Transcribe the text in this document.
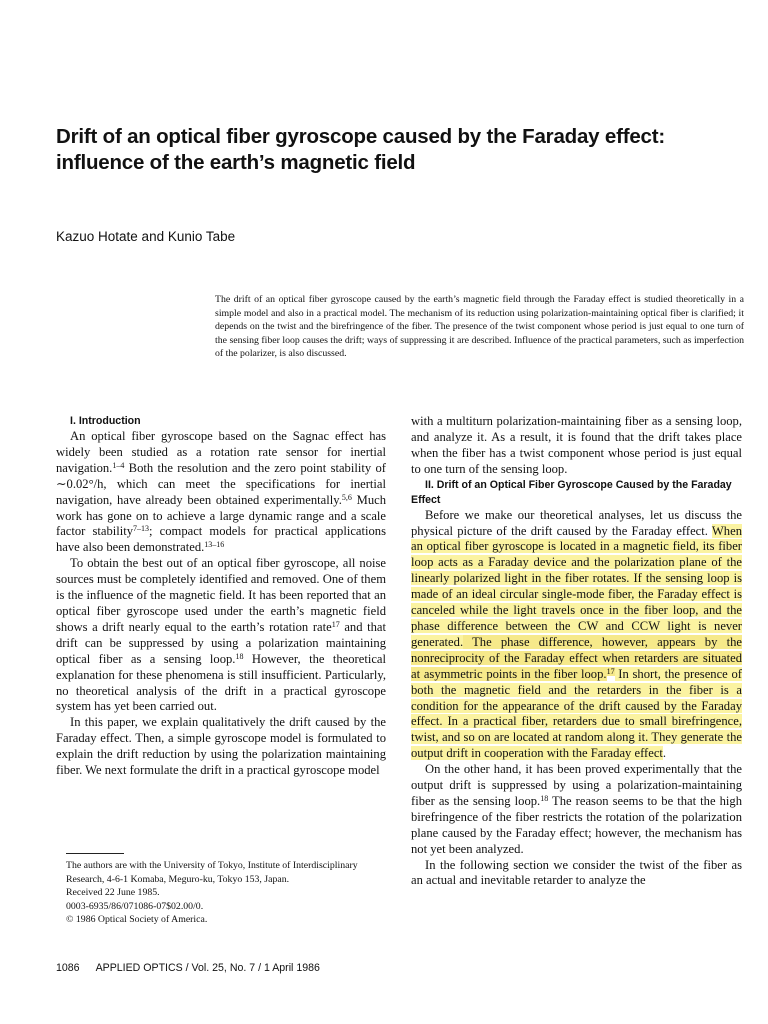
Drift of an optical fiber gyroscope caused by the Faraday effect: influence of the earth’s magnetic field

Kazuo Hotate and Kunio Tabe

The drift of an optical fiber gyroscope caused by the earth’s magnetic field through the Faraday effect is studied theoretically in a simple model and also in a practical model. The mechanism of its reduction using polarization-maintaining optical fiber is clarified; it depends on the twist and the birefringence of the fiber. The presence of the twist component whose period is just equal to one turn of the sensing fiber loop causes the drift; ways of suppressing it are described. Influence of the practical parameters, such as imperfection of the polarizer, is also discussed.

I. Introduction

An optical fiber gyroscope based on the Sagnac effect has widely been studied as a rotation rate sensor for inertial navigation.$^{1-4}$ Both the resolution and the zero point stability of ∼0.02°/h, which can meet the specifications for inertial navigation, have already been obtained experimentally.$^{5,6}$ Much work has gone on to achieve a large dynamic range and a scale factor stability$^{7-13}$; compact models for practical applications have also been demonstrated.$^{13-16}$

To obtain the best out of an optical fiber gyroscope, all noise sources must be completely identified and removed. One of them is the influence of the magnetic field. It has been reported that an optical fiber gyroscope used under the earth’s magnetic field shows a drift nearly equal to the earth’s rotation rate$^{17}$ and that drift can be suppressed by using a polarization maintaining optical fiber as a sensing loop.$^{18}$ However, the theoretical explanation for these phenomena is still insufficient. Particularly, no theoretical analysis of the drift in a practical gyroscope system has yet been carried out.

In this paper, we explain qualitatively the drift caused by the Faraday effect. Then, a simple gyroscope model is formulated to explain the drift reduction by using the polarization maintaining fiber. We next formulate the drift in a practical gyroscope model

with a multiturn polarization-maintaining fiber as a sensing loop, and analyze it. As a result, it is found that the drift takes place when the fiber has a twist component whose period is just equal to one turn of the sensing loop.

II. Drift of an Optical Fiber Gyroscope Caused by the Faraday Effect

Before we make our theoretical analyses, let us discuss the physical picture of the drift caused by the Faraday effect. When an optical fiber gyroscope is located in a magnetic field, its fiber loop acts as a Faraday device and the polarization plane of the linearly polarized light in the fiber rotates. If the sensing loop is made of an ideal circular single-mode fiber, the Faraday effect is canceled while the light travels once in the fiber loop, and the phase difference between the CW and CCW light is never generated. The phase difference, however, appears by the nonreciprocity of the Faraday effect when retarders are situated at asymmetric points in the fiber loop.$^{17}$ In short, the presence of both the magnetic field and the retarders in the fiber is a condition for the appearance of the drift caused by the Faraday effect. In a practical fiber, retarders due to small birefringence, twist, and so on are located at random along it. They generate the output drift in cooperation with the Faraday effect.

On the other hand, it has been proved experimentally that the output drift is suppressed by using a polarization-maintaining fiber as the sensing loop.$^{18}$ The reason seems to be that the high birefringence of the fiber restricts the rotation of the polarization plane caused by the Faraday effect; however, the mechanism has not yet been analyzed.

In the following section we consider the twist of the fiber as an actual and inevitable retarder to analyze the

The authors are with the University of Tokyo, Institute of Interdisciplinary Research, 4-6-1 Komaba, Meguro-ku, Tokyo 153, Japan.
Received 22 June 1985.
0003-6935/86/071086-07$02.00/0.
© 1986 Optical Society of America.

1086 APPLIED OPTICS / Vol. 25, No. 7 / 1 April 1986
